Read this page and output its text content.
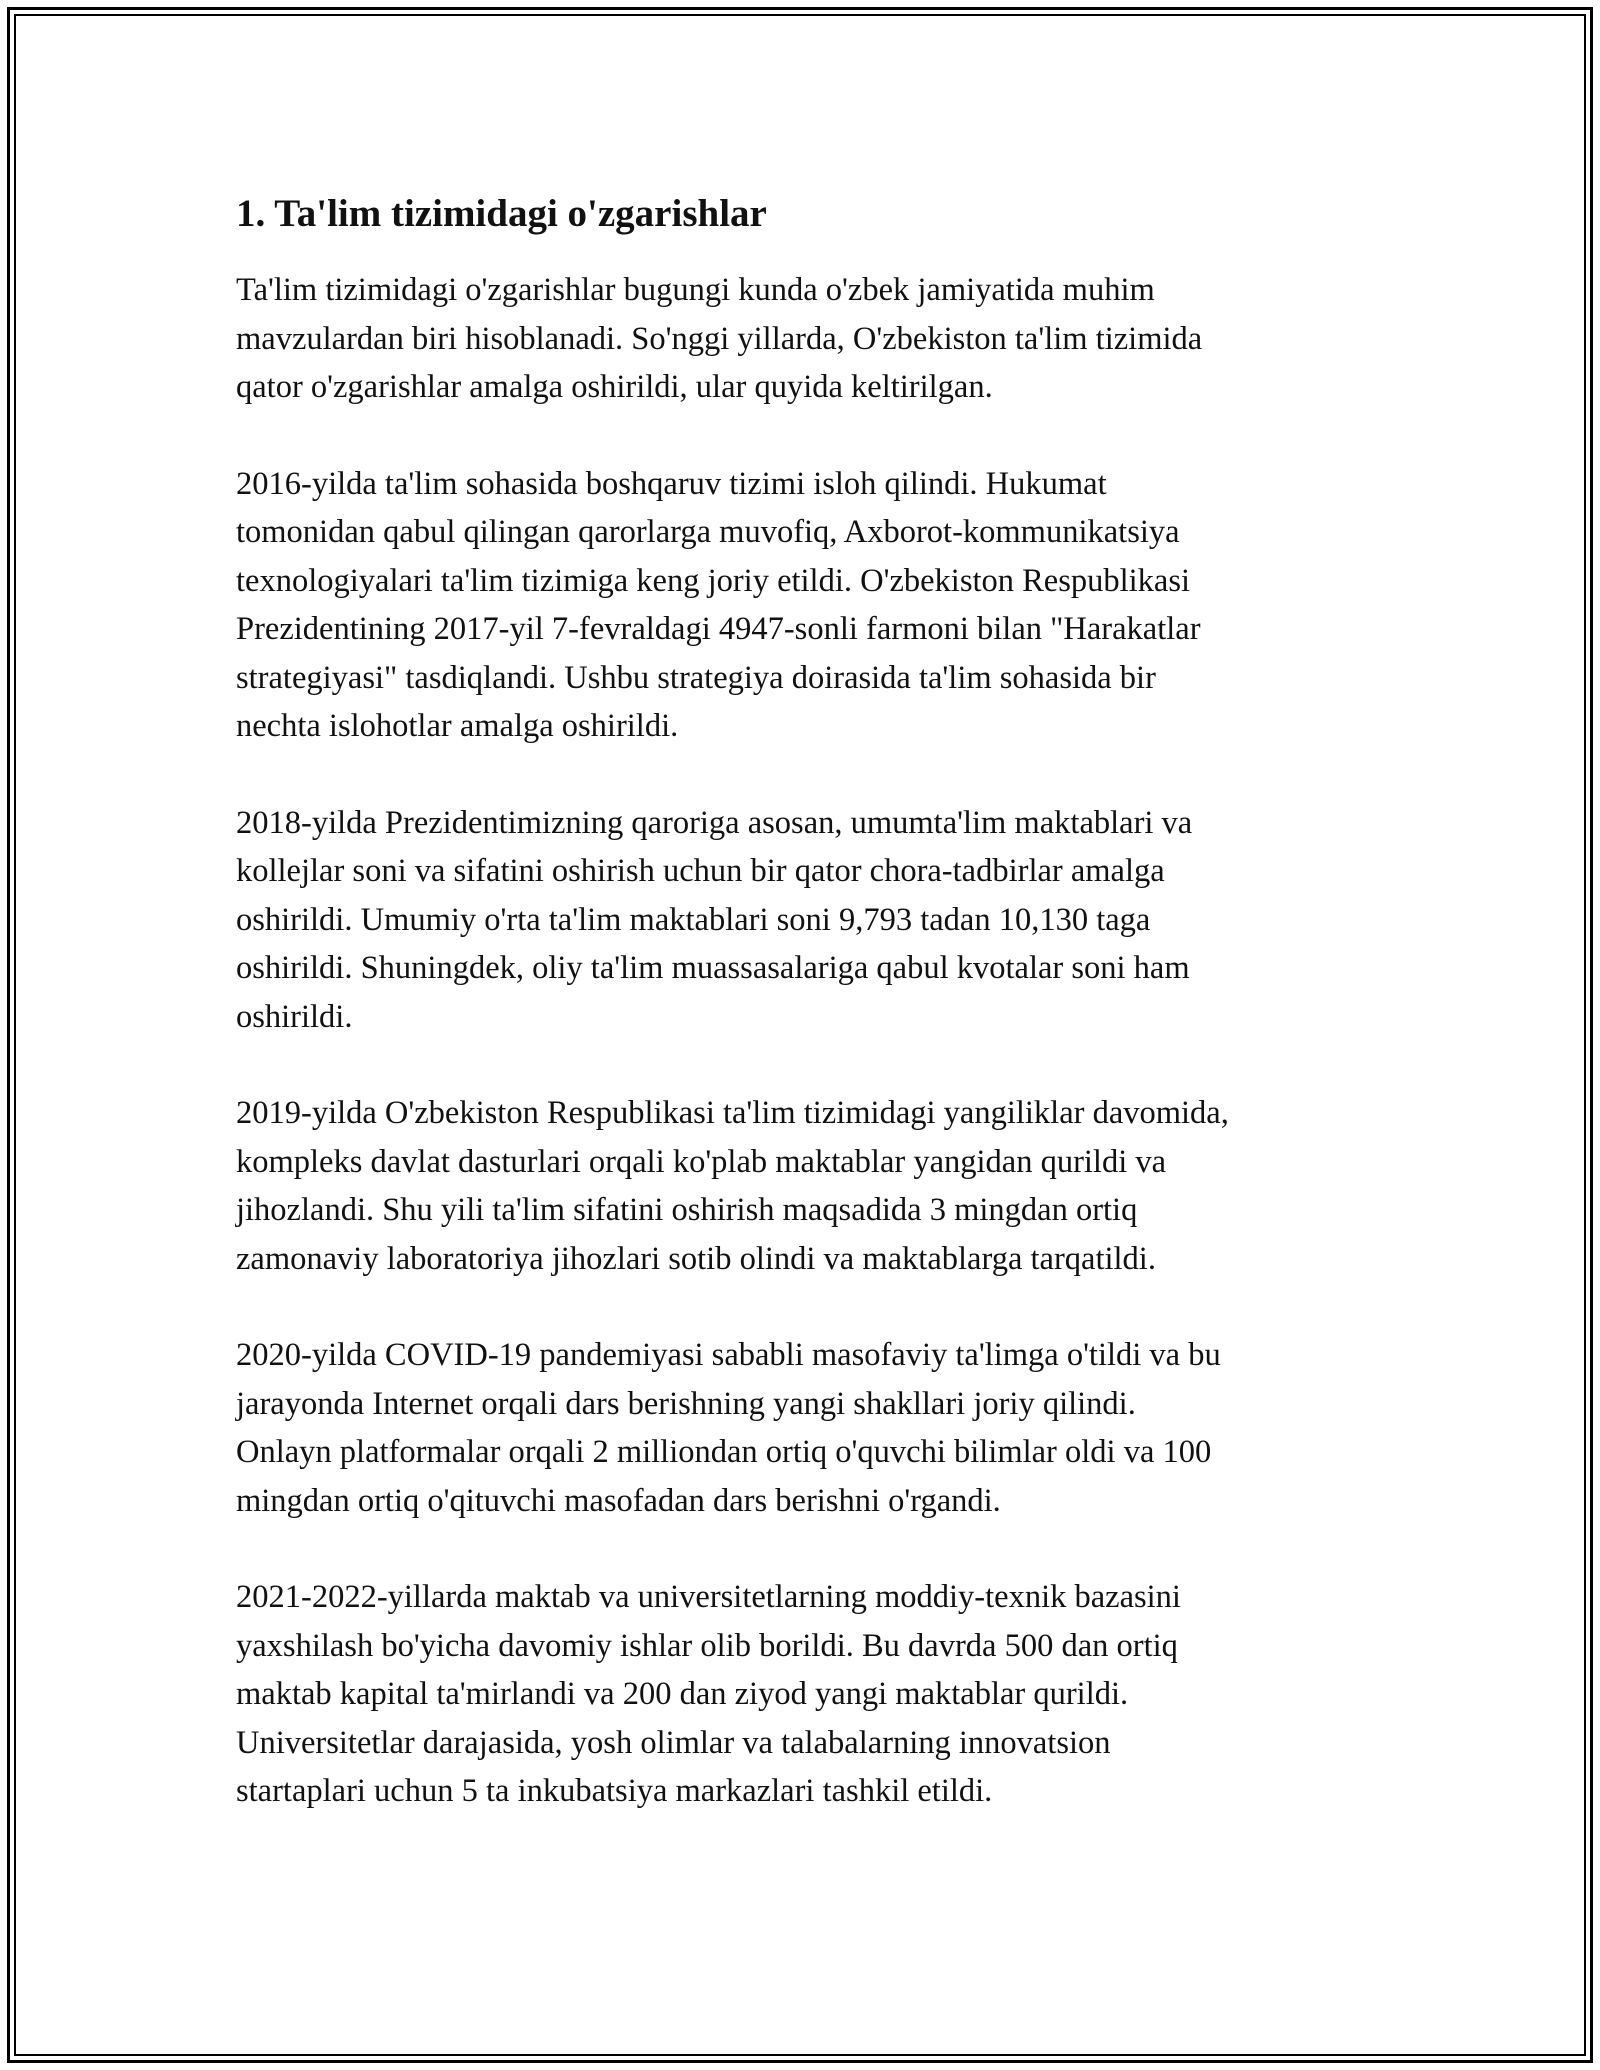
1. Ta'lim tizimidagi o'zgarishlar

Ta'lim tizimidagi o'zgarishlar bugungi kunda o'zbek jamiyatida muhim
mavzulardan biri hisoblanadi. So'nggi yillarda, O'zbekiston ta'lim tizimida
qator o'zgarishlar amalga oshirildi, ular quyida keltirilgan.

2016-yilda ta'lim sohasida boshqaruv tizimi isloh qilindi. Hukumat
tomonidan qabul qilingan qarorlarga muvofiq, Axborot-kommunikatsiya
texnologiyalari ta'lim tizimiga keng joriy etildi. O'zbekiston Respublikasi
Prezidentining 2017-yil 7-fevraldagi 4947-sonli farmoni bilan "Harakatlar
strategiyasi" tasdiqlandi. Ushbu strategiya doirasida ta'lim sohasida bir
nechta islohotlar amalga oshirildi.

2018-yilda Prezidentimizning qaroriga asosan, umumta'lim maktablari va
kollejlar soni va sifatini oshirish uchun bir qator chora-tadbirlar amalga
oshirildi. Umumiy o'rta ta'lim maktablari soni 9,793 tadan 10,130 taga
oshirildi. Shuningdek, oliy ta'lim muassasalariga qabul kvotalar soni ham
oshirildi.

2019-yilda O'zbekiston Respublikasi ta'lim tizimidagi yangiliklar davomida,
kompleks davlat dasturlari orqali ko'plab maktablar yangidan qurildi va
jihozlandi. Shu yili ta'lim sifatini oshirish maqsadida 3 mingdan ortiq
zamonaviy laboratoriya jihozlari sotib olindi va maktablarga tarqatildi.

2020-yilda COVID-19 pandemiyasi sababli masofaviy ta'limga o'tildi va bu
jarayonda Internet orqali dars berishning yangi shakllari joriy qilindi.
Onlayn platformalar orqali 2 milliondan ortiq o'quvchi bilimlar oldi va 100
mingdan ortiq o'qituvchi masofadan dars berishni o'rgandi.

2021-2022-yillarda maktab va universitetlarning moddiy-texnik bazasini
yaxshilash bo'yicha davomiy ishlar olib borildi. Bu davrda 500 dan ortiq
maktab kapital ta'mirlandi va 200 dan ziyod yangi maktablar qurildi.
Universitetlar darajasida, yosh olimlar va talabalarning innovatsion
startaplari uchun 5 ta inkubatsiya markazlari tashkil etildi.
